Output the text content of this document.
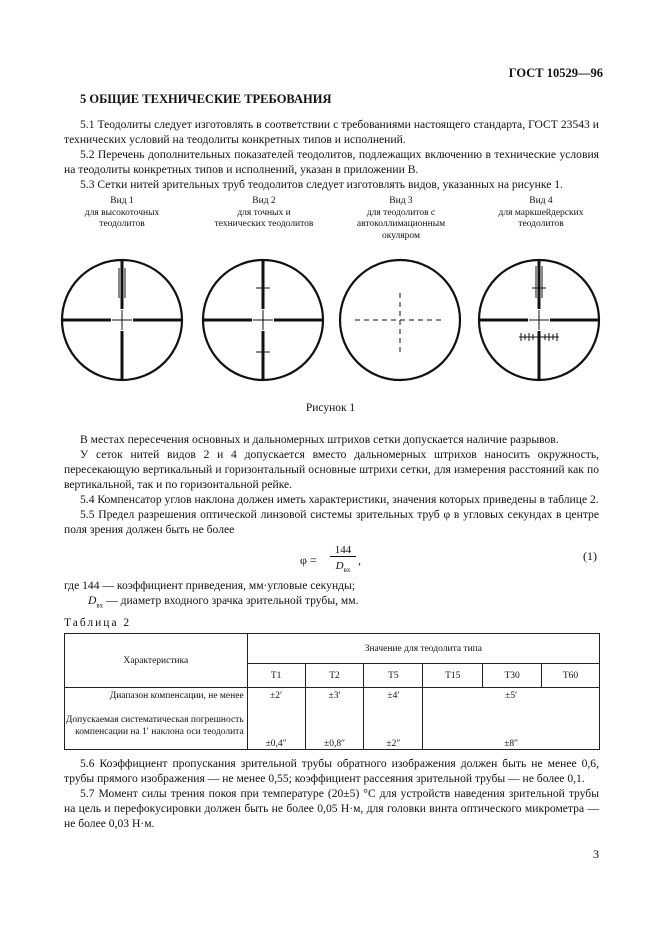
ГОСТ 10529—96
5 ОБЩИЕ ТЕХНИЧЕСКИЕ ТРЕБОВАНИЯ

5.1 Теодолиты следует изготовлять в соответствии с требованиями настоящего стандарта, ГОСТ 23543 и технических условий на теодолиты конкретных типов и исполнений.

5.2 Перечень дополнительных показателей теодолитов, подлежащих включению в технические условия на теодолиты конкретных типов и исполнений, указан в приложении В.

5.3 Сетки нитей зрительных труб теодолитов следует изготовлять видов, указанных на рисунке 1.

Вид 1
для высокоточных теодолитов
Вид 2
для точных и технических теодолитов
Вид 3
для теодолитов с автоколлимационным окуляром
Вид 4
для маркшейдерских теодолитов
Рисунок 1

В местах пересечения основных и дальномерных штрихов сетки допускается наличие разрывов.

У сеток нитей видов 2 и 4 допускается вместо дальномерных штрихов наносить окружность, пересекающую вертикальный и горизонтальный основные штрихи сетки, для измерения расстояний как по вертикальной, так и по горизонтальной рейке.

5.4 Компенсатор углов наклона должен иметь характеристики, значения которых приведены в таблице 2.

5.5 Предел разрешения оптической линзовой системы зрительных труб φ в угловых секундах в центре поля зрения должен быть не более

φ =
144
$D_{вх}$
,	(1)
где 144 — коэффициент приведения, мм·угловые секунды;
$D_{вх}$ — диаметр входного зрачка зрительной трубы, мм.
Таблица 2
Характеристика	Значение для теодолита типа					
	Т1	Т2	Т5	Т15	Т30	Т60
Диапазон компенсации, не менее	±2′	±3′	±4′	±5′		
Допускаемая систематическая погрешность компенсации на 1′ наклона оси теодолита	±0,4″	±0,8″	±2″	±8″		

5.6 Коэффициент пропускания зрительной трубы обратного изображения должен быть не менее 0,6, трубы прямого изображения — не менее 0,55; коэффициент рассеяния зрительной трубы — не более 0,1.

5.7 Момент силы трения покоя при температуре (20±5) °С для устройств наведения зрительной трубы на цель и перефокусировки должен быть не более 0,05 Н·м, для головки винта оптического микрометра — не более 0,03 Н·м.

3
